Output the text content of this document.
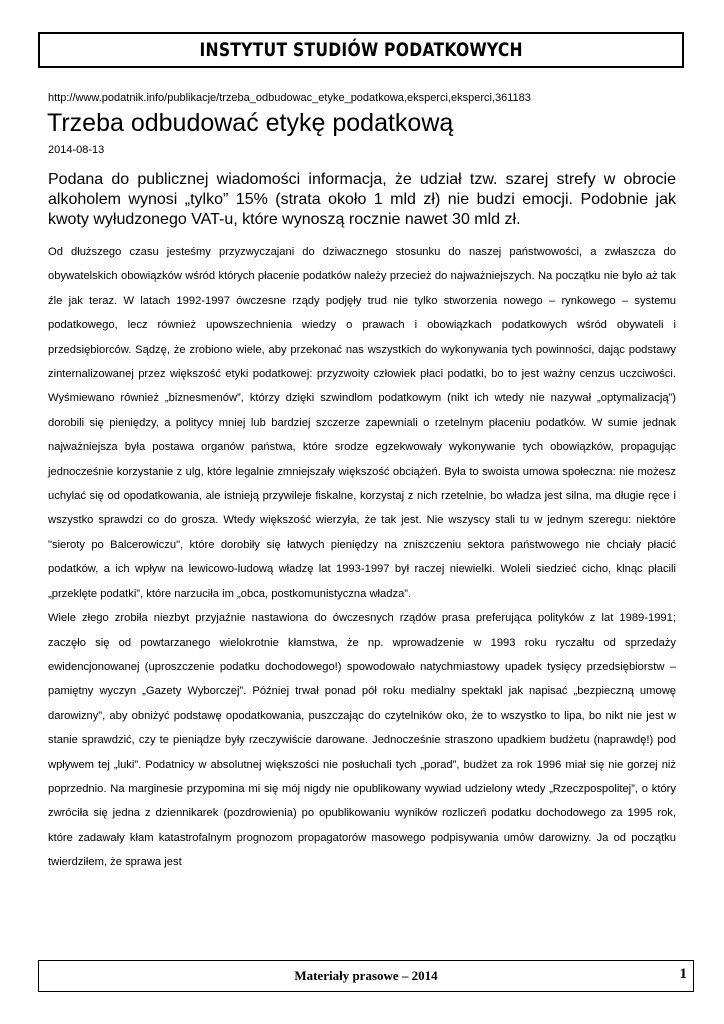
INSTYTUT STUDIÓW PODATKOWYCH
http://www.podatnik.info/publikacje/trzeba_odbudowac_etyke_podatkowa,eksperci,eksperci,361183
Trzeba odbudować etykę podatkową
2014-08-13

Podana do publicznej wiadomości informacja, że udział tzw. szarej strefy w obrocie alkoholem wynosi „tylko” 15% (strata około 1 mld zł) nie budzi emocji. Podobnie jak kwoty wyłudzonego VAT-u, które wynoszą rocznie nawet 30 mld zł.

Od dłuższego czasu jesteśmy przyzwyczajani do dziwacznego stosunku do naszej państwowości, a zwłaszcza do obywatelskich obowiązków wśród których płacenie podatków należy przecież do najważniejszych. Na początku nie było aż tak źle jak teraz. W latach 1992-1997 ówczesne rządy podjęły trud nie tylko stworzenia nowego – rynkowego – systemu podatkowego, lecz również upowszechnienia wiedzy o prawach i obowiązkach podatkowych wśród obywateli i przedsiębiorców. Sądzę, że zrobiono wiele, aby przekonać nas wszystkich do wykonywania tych powinności, dając podstawy zinternalizowanej przez większość etyki podatkowej: przyzwoity człowiek płaci podatki, bo to jest ważny cenzus uczciwości. Wyśmiewano również „biznesmenów”, którzy dzięki szwindlom podatkowym (nikt ich wtedy nie nazywał „optymalizacją”) dorobili się pieniędzy, a politycy mniej lub bardziej szczerze zapewniali o rzetelnym płaceniu podatków. W sumie jednak najważniejsza była postawa organów państwa, które srodze egzekwowały wykonywanie tych obowiązków, propagując jednocześnie korzystanie z ulg, które legalnie zmniejszały większość obciążeń. Była to swoista umowa społeczna: nie możesz uchylać się od opodatkowania, ale istnieją przywileje fiskalne, korzystaj z nich rzetelnie, bo władza jest silna, ma długie ręce i wszystko sprawdzi co do grosza. Wtedy większość wierzyła, że tak jest. Nie wszyscy stali tu w jednym szeregu: niektóre "sieroty po Balcerowiczu", które dorobiły się łatwych pieniędzy na zniszczeniu sektora państwowego nie chciały płacić podatków, a ich wpływ na lewicowo-ludową władzę lat 1993-1997 był raczej niewielki. Woleli siedzieć cicho, klnąc płacili „przeklęte podatki”, które narzuciła im „obca, postkomunistyczna władza”.

Wiele złego zrobiła niezbyt przyjaźnie nastawiona do ówczesnych rządów prasa preferująca polityków z lat 1989-1991; zaczęło się od powtarzanego wielokrotnie kłamstwa, że np. wprowadzenie w 1993 roku ryczałtu od sprzedaży ewidencjonowanej (uproszczenie podatku dochodowego!) spowodowało natychmiastowy upadek tysięcy przedsiębiorstw – pamiętny wyczyn „Gazety Wyborczej”. Później trwał ponad pół roku medialny spektakl jak napisać „bezpieczną umowę darowizny”, aby obniżyć podstawę opodatkowania, puszczając do czytelników oko, że to wszystko to lipa, bo nikt nie jest w stanie sprawdzić, czy te pieniądze były rzeczywiście darowane. Jednocześnie straszono upadkiem budżetu (naprawdę!) pod wpływem tej „luki”. Podatnicy w absolutnej większości nie posłuchali tych „porad”, budżet za rok 1996 miał się nie gorzej niż poprzednio. Na marginesie przypomina mi się mój nigdy nie opublikowany wywiad udzielony wtedy „Rzeczpospolitej”, o który zwróciła się jedna z dziennikarek (pozdrowienia) po opublikowaniu wyników rozliczeń podatku dochodowego za 1995 rok, które zadawały kłam katastrofalnym prognozom propagatorów masowego podpisywania umów darowizny. Ja od początku twierdziłem, że sprawa jest

Materiały prasowe – 2014	1
